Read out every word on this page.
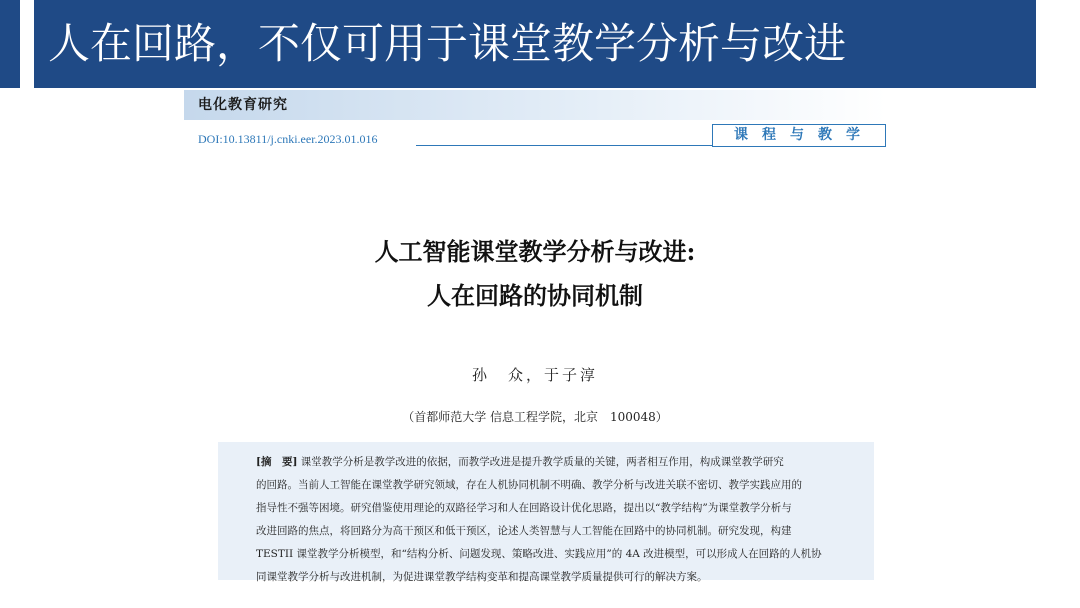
人在回路，不仅可用于课堂教学分析与改进
电化教育研究
DOI:10.13811/j.cnki.eer.2023.01.016	课程与教学
人工智能课堂教学分析与改进:
人在回路的协同机制
孙　众，于子淳
（首都师范大学 信息工程学院，北京　100048）
[摘　要] 课堂教学分析是教学改进的依据，而教学改进是提升教学质量的关键，两者相互作用，构成课堂教学研究
的回路。当前人工智能在课堂教学研究领域，存在人机协同机制不明确、教学分析与改进关联不密切、教学实践应用的
指导性不强等困境。研究借鉴使用理论的双路径学习和人在回路设计优化思路，提出以“教学结构”为课堂教学分析与
改进回路的焦点，将回路分为高干预区和低干预区，论述人类智慧与人工智能在回路中的协同机制。研究发现，构建
TESTII 课堂教学分析模型，和“结构分析、问题发现、策略改进、实践应用”的 4A 改进模型，可以形成人在回路的人机协
同课堂教学分析与改进机制，为促进课堂教学结构变革和提高课堂教学质量提供可行的解决方案。
